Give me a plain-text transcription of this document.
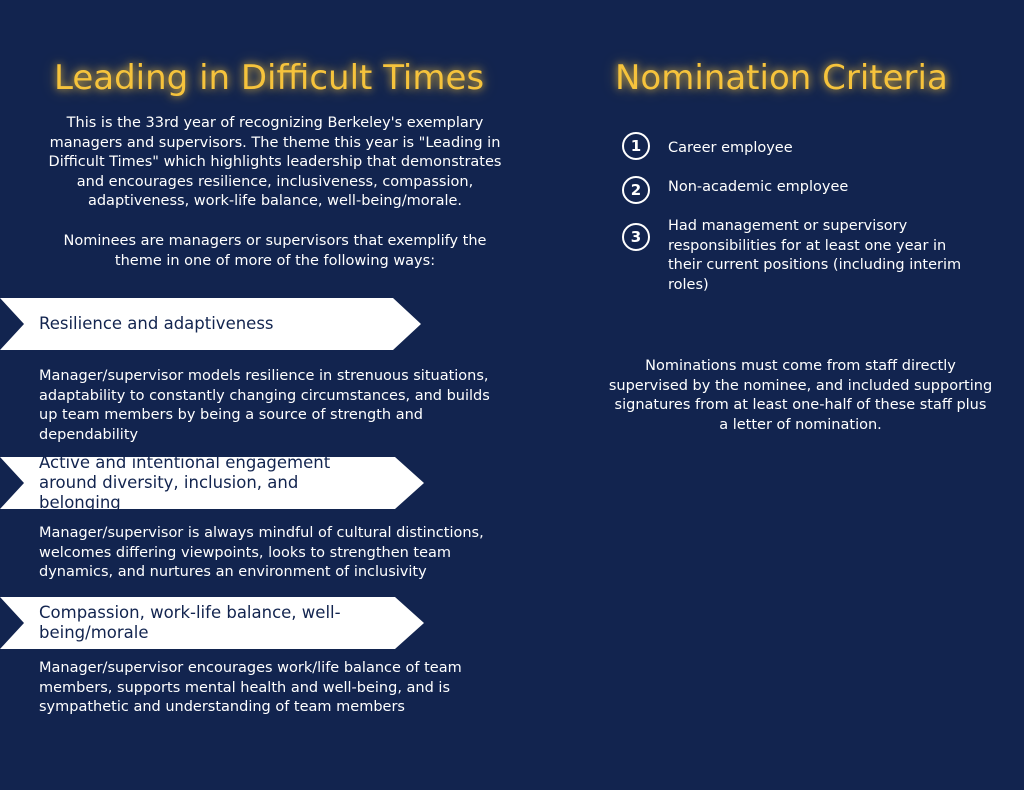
Leading in Difficult Times

This is the 33rd year of recognizing Berkeley's exemplary managers and supervisors. The theme this year is "Leading in Difficult Times" which highlights leadership that demonstrates and encourages resilience, inclusiveness, compassion, adaptiveness, work-life balance, well-being/morale.

Nominees are managers or supervisors that exemplify the theme in one of more of the following ways:

Resilience and adaptiveness

Manager/supervisor models resilience in strenuous situations, adaptability to constantly changing circumstances, and builds up team members by being a source of strength and dependability

Active and intentional engagement around diversity, inclusion, and belonging

Manager/supervisor is always mindful of cultural distinctions, welcomes differing viewpoints, looks to strengthen team dynamics, and nurtures an environment of inclusivity

Compassion, work-life balance, well-being/morale

Manager/supervisor encourages work/life balance of team members, supports mental health and well-being, and is sympathetic and understanding of team members

Nomination Criteria
1	Career employee
2	Non-academic employee
3
Had management or supervisory responsibilities for at least one year in their current positions (including interim roles)

Nominations must come from staff directly supervised by the nominee, and included supporting signatures from at least one-half of these staff plus a letter of nomination.
